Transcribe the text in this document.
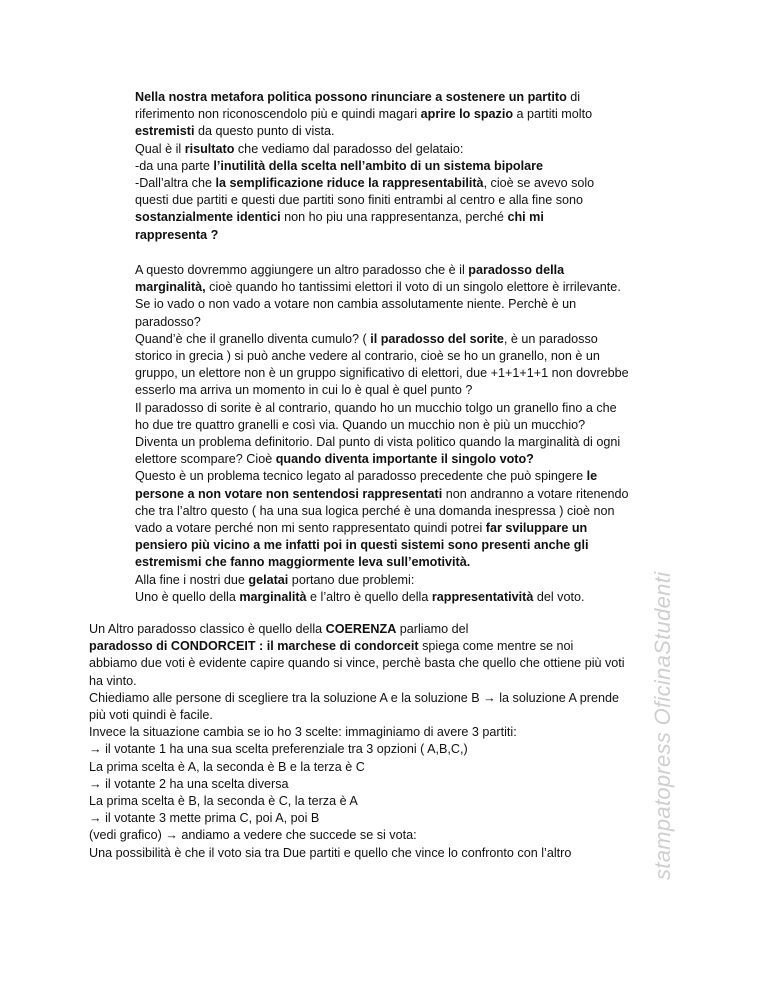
Nella nostra metafora politica possono rinunciare a sostenere un partito di

riferimento non riconoscendolo più e quindi magari aprire lo spazio a partiti molto

estremisti da questo punto di vista.

Qual è il risultato che vediamo dal paradosso del gelataio:

-da una parte l’inutilità della scelta nell’ambito di un sistema bipolare

-Dall’altra che la semplificazione riduce la rappresentabilità, cioè se avevo solo

questi due partiti e questi due partiti sono finiti entrambi al centro e alla fine sono

sostanzialmente identici non ho piu una rappresentanza, perché chi mi

rappresenta ?

A questo dovremmo aggiungere un altro paradosso che è il paradosso della

marginalità, cioè quando ho tantissimi elettori il voto di un singolo elettore è irrilevante.

Se io vado o non vado a votare non cambia assolutamente niente. Perchè è un

paradosso?

Quand’è che il granello diventa cumulo? ( il paradosso del sorite, è un paradosso

storico in grecia ) si può anche vedere al contrario, cioè se ho un granello, non è un

gruppo, un elettore non è un gruppo significativo di elettori, due +1+1+1+1 non dovrebbe

esserlo ma arriva un momento in cui lo è qual è quel punto ?

Il paradosso di sorite è al contrario, quando ho un mucchio tolgo un granello fino a che

ho due tre quattro granelli e così via. Quando un mucchio non è più un mucchio?

Diventa un problema definitorio. Dal punto di vista politico quando la marginalità di ogni

elettore scompare? Cioè quando diventa importante il singolo voto?

Questo è un problema tecnico legato al paradosso precedente che può spingere le

persone a non votare non sentendosi rappresentati non andranno a votare ritenendo

che tra l’altro questo ( ha una sua logica perché è una domanda inespressa ) cioè non

vado a votare perché non mi sento rappresentato quindi potrei far sviluppare un

pensiero più vicino a me infatti poi in questi sistemi sono presenti anche gli

estremismi che fanno maggiormente leva sull’emotività.

Alla fine i nostri due gelatai portano due problemi:

Uno è quello della marginalità e l’altro è quello della rappresentatività del voto.

Un Altro paradosso classico è quello della COERENZA parliamo del

paradosso di CONDORCEIT : il marchese di condorceit spiega come mentre se noi

abbiamo due voti è evidente capire quando si vince, perchè basta che quello che ottiene più voti

ha vinto.

Chiediamo alle persone di scegliere tra la soluzione A e la soluzione B → la soluzione A prende

più voti quindi è facile.

Invece la situazione cambia se io ho 3 scelte: immaginiamo di avere 3 partiti:

→ il votante 1 ha una sua scelta preferenziale tra 3 opzioni ( A,B,C,)

La prima scelta è A, la seconda è B e la terza è C

→ il votante 2 ha una scelta diversa

La prima scelta è B, la seconda è C, la terza è A

→ il votante 3 mette prima C, poi A, poi B

(vedi grafico) → andiamo a vedere che succede se si vota:

Una possibilità è che il voto sia tra Due partiti e quello che vince lo confronto con l’altro	stampatopress OficinaStudenti
